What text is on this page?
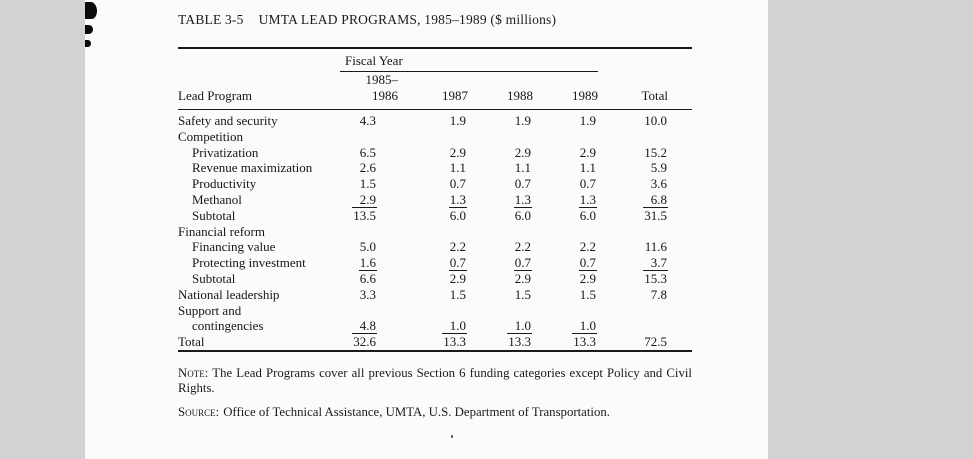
TABLE 3-5 UMTA LEAD PROGRAMS, 1985–1989 ($ millions)
	Fiscal Year				
Lead Program	1985–1986	1987	1988	1989	Total
Safety and security	4.3	1.9	1.9	1.9	10.0
Competition					
Privatization	6.5	2.9	2.9	2.9	15.2
Revenue maximization	2.6	1.1	1.1	1.1	5.9
Productivity	1.5	0.7	0.7	0.7	3.6
Methanol	2.9	1.3	1.3	1.3	6.8
Subtotal	13.5	6.0	6.0	6.0	31.5
Financial reform					
Financing value	5.0	2.2	2.2	2.2	11.6
Protecting investment	1.6	0.7	0.7	0.7	3.7
Subtotal	6.6	2.9	2.9	2.9	15.3
National leadership	3.3	1.5	1.5	1.5	7.8
Support and					
contingencies	4.8	1.0	1.0	1.0	
Total	32.6	13.3	13.3	13.3	72.5

Note: The Lead Programs cover all previous Section 6 funding categories except Policy and Civil Rights.

Source: Office of Technical Assistance, UMTA, U.S. Department of Transportation.
